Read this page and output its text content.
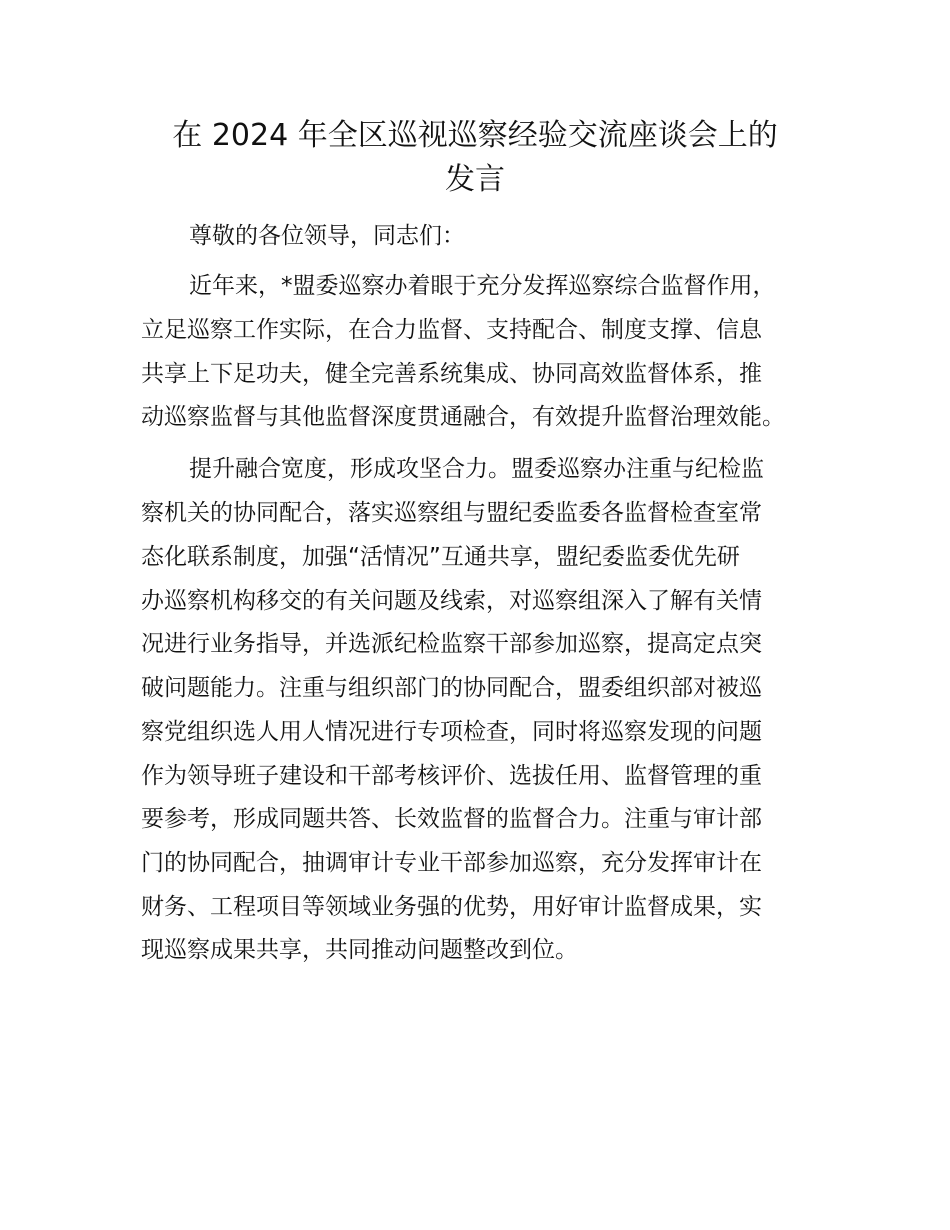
在 2024 年全区巡视巡察经验交流座谈会上的
发言
尊敬的各位领导，同志们：
近年来，*盟委巡察办着眼于充分发挥巡察综合监督作用，
立足巡察工作实际，在合力监督、支持配合、制度支撑、信息
共享上下足功夫，健全完善系统集成、协同高效监督体系，推
动巡察监督与其他监督深度贯通融合，有效提升监督治理效能。
提升融合宽度，形成攻坚合力。盟委巡察办注重与纪检监
察机关的协同配合，落实巡察组与盟纪委监委各监督检查室常
态化联系制度，加强“活情况”互通共享，盟纪委监委优先研
办巡察机构移交的有关问题及线索，对巡察组深入了解有关情
况进行业务指导，并选派纪检监察干部参加巡察，提高定点突
破问题能力。注重与组织部门的协同配合，盟委组织部对被巡
察党组织选人用人情况进行专项检查，同时将巡察发现的问题
作为领导班子建设和干部考核评价、选拔任用、监督管理的重
要参考，形成同题共答、长效监督的监督合力。注重与审计部
门的协同配合，抽调审计专业干部参加巡察，充分发挥审计在
财务、工程项目等领域业务强的优势，用好审计监督成果，实
现巡察成果共享，共同推动问题整改到位。
